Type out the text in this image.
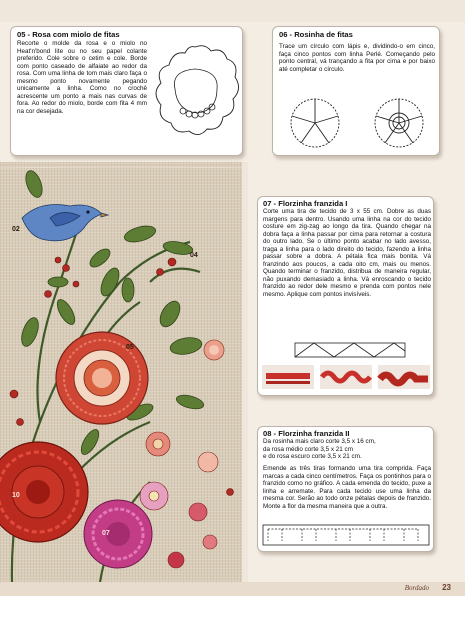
05 - Rosa com miolo de fitas
Recorte o molde da rosa e o miolo no Heat'n'bond lite ou no seu papel colante preferido. Cole sobre o cetim e cole. Borde com ponto caseado de alfaiate ao redor da rosa. Com uma linha de tom mais claro faça o mesmo ponto novamente pegando unicamente a linha. Como no crochê acrescente um ponto a mais nas curvas de fora. Ao redor do miolo, borde com fita 4 mm na cor desejada.
06 - Rosinha de fitas
Trace um círculo com lápis e, dividindo-o em cinco, faça cinco pontos com linha Perlé. Começando pelo ponto central, vá trançando a fita por cima e por baixo até completar o círculo.
02
04
05
10
07
07 - Florzinha franzida I
Corte uma tira de tecido de 3 x 55 cm. Dobre as duas margens para dentro. Usando uma linha na cor do tecido costure em zig-zag ao longo da tira. Quando chegar na dobra faça a linha passar por cima para retornar a costura do outro lado. Se o último ponto acabar no lado avesso, traga a linha para o lado direito do tecido, fazendo a linha passar sobre a dobra. A pétala fica mais bonita. Vá franzindo aos poucos, a cada oito cm, mais ou menos. Quando terminar o franzido, distribua de maneira regular, não puxando demasiado a linha. Vá enroscando o tecido franzido ao redor dele mesmo e prenda com pontos nele mesmo. Aplique com pontos invisíveis.
08 - Florzinha franzida II
Da rosinha mais claro corte 3,5 x 16 cm,
da rosa médio corte 3,5 x 21 cm
e do rosa escuro corte 3,5 x 21 cm.
Emende as três tiras formando uma tira comprida. Faça marcas a cada cinco centímetros. Faça os pontinhos para o franzido como no gráfico. A cada emenda do tecido, puxe a linha e arremate. Para cada tecido use uma linha da mesma cor. Serão ao todo onze pétalas depois de franzido. Monte a flor da mesma maneira que a outra.
Bordado 23
